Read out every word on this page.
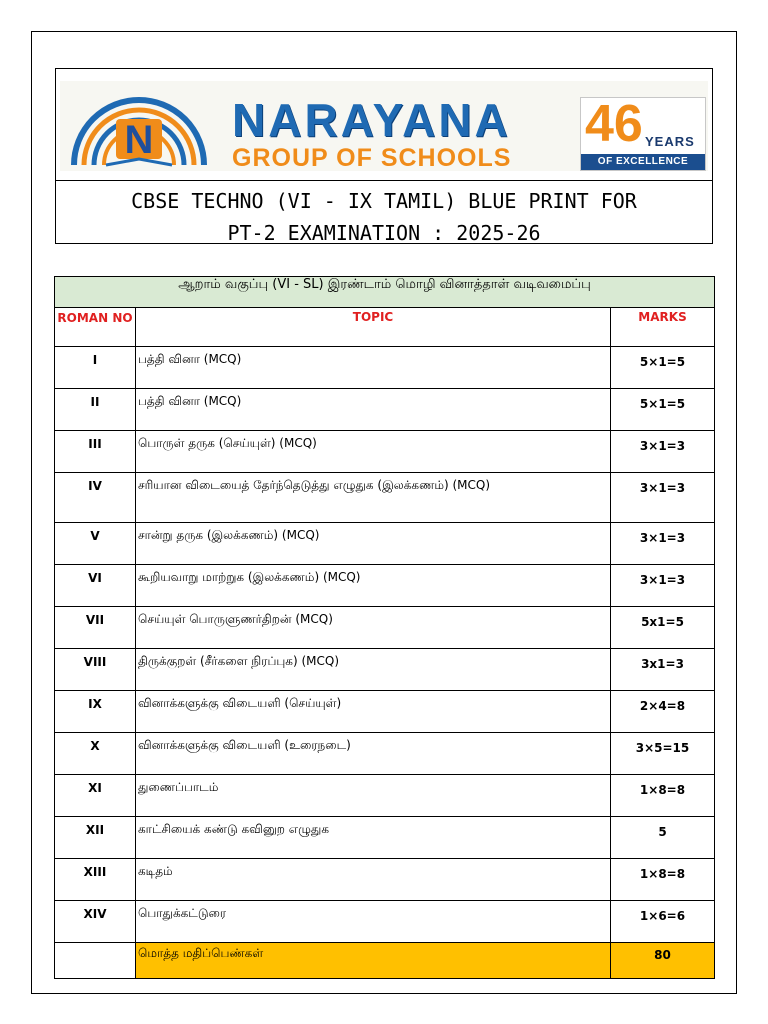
N NARAYANA
GROUP OF SCHOOLS
46 YEARS
OF EXCELLENCE
CBSE TECHNO (VI - IX TAMIL) BLUE PRINT FOR
PT-2 EXAMINATION : 2025-26
ஆறாம் வகுப்பு (VI - SL) இரண்டாம் மொழி வினாத்தாள் வடிவமைப்பு		
ROMAN NO	TOPIC	MARKS
I	பத்தி வினா (MCQ)	5×1=5
II	பத்தி வினா (MCQ)	5×1=5
III	பொருள் தருக (செய்யுள்) (MCQ)	3×1=3
IV	சரியான விடையைத் தேர்ந்தெடுத்து எழுதுக (இலக்கணம்) (MCQ)	3×1=3
V	சான்று தருக (இலக்கணம்) (MCQ)	3×1=3
VI	கூறியவாறு மாற்றுக (இலக்கணம்) (MCQ)	3×1=3
VII	செய்யுள் பொருளுணர்திறன் (MCQ)	5x1=5
VIII	திருக்குறள் (சீர்களை நிரப்புக) (MCQ)	3x1=3
IX	வினாக்களுக்கு விடையளி (செய்யுள்)	2×4=8
X	வினாக்களுக்கு விடையளி (உரைநடை)	3×5=15
XI	துணைப்பாடம்	1×8=8
XII	காட்சியைக் கண்டு கவினுற எழுதுக	5
XIII	கடிதம்	1×8=8
XIV	பொதுக்கட்டுரை	1×6=6
	மொத்த மதிப்பெண்கள்	80
